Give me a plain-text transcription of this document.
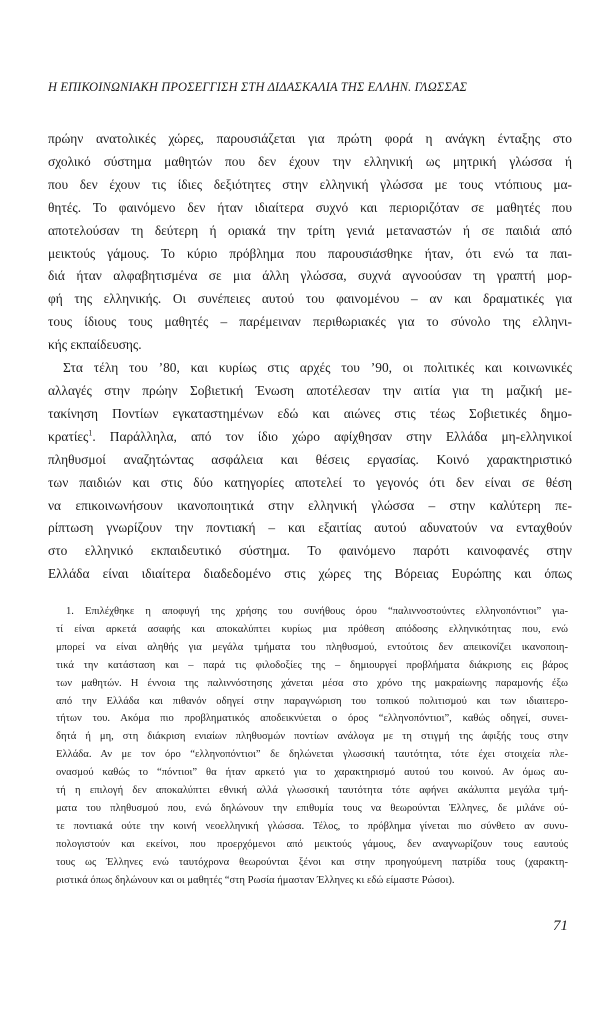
Η ΕΠΙΚΟΙΝΩΝΙΑΚΗ ΠΡΟΣΕΓΓΙΣΗ ΣΤΗ ΔΙΔΑΣΚΑΛΙΑ ΤΗΣ ΕΛΛΗΝ. ΓΛΩΣΣΑΣ
πρώην ανατολικές χώρες, παρουσιάζεται για πρώτη φορά η ανάγκη ένταξης στο
σχολικό σύστημα μαθητών που δεν έχουν την ελληνική ως μητρική γλώσσα ή
που δεν έχουν τις ίδιες δεξιότητες στην ελληνική γλώσσα με τους ντόπιους μα-
θητές. Το φαινόμενο δεν ήταν ιδιαίτερα συχνό και περιοριζόταν σε μαθητές που
αποτελούσαν τη δεύτερη ή οριακά την τρίτη γενιά μεταναστών ή σε παιδιά από
μεικτούς γάμους. Το κύριο πρόβλημα που παρουσιάσθηκε ήταν, ότι ενώ τα παι-
διά ήταν αλφαβητισμένα σε μια άλλη γλώσσα, συχνά αγνοούσαν τη γραπτή μορ-
φή της ελληνικής. Οι συνέπειες αυτού του φαινομένου – αν και δραματικές για
τους ίδιους τους μαθητές – παρέμειναν περιθωριακές για το σύνολο της ελληνι-
κής εκπαίδευσης.
Στα τέλη του ’80, και κυρίως στις αρχές του ’90, οι πολιτικές και κοινωνικές
αλλαγές στην πρώην Σοβιετική Ένωση αποτέλεσαν την αιτία για τη μαζική με-
τακίνηση Ποντίων εγκαταστημένων εδώ και αιώνες στις τέως Σοβιετικές δημο-
κρατίες$^1$. Παράλληλα, από τον ίδιο χώρο αφίχθησαν στην Ελλάδα μη-ελληνικοί
πληθυσμοί αναζητώντας ασφάλεια και θέσεις εργασίας. Κοινό χαρακτηριστικό
των παιδιών και στις δύο κατηγορίες αποτελεί το γεγονός ότι δεν είναι σε θέση
να επικοινωνήσουν ικανοποιητικά στην ελληνική γλώσσα – στην καλύτερη πε-
ρίπτωση γνωρίζουν την ποντιακή – και εξαιτίας αυτού αδυνατούν να ενταχθούν
στο ελληνικό εκπαιδευτικό σύστημα. Το φαινόμενο παρότι καινοφανές στην
Ελλάδα είναι ιδιαίτερα διαδεδομένο στις χώρες της Βόρειας Ευρώπης και όπως
1. Επιλέχθηκε η αποφυγή της χρήσης του συνήθους όρου “παλιννοστούντες ελληνοπόντιοι” γιa-
τί είναι αρκετά ασαφής και αποκαλύπτει κυρίως μια πρόθεση απόδοσης ελληνικότητας που, ενώ
μπορεί να είναι αληθής για μεγάλα τμήματα του πληθυσμού, εντούτοις δεν απεικονίζει ικανοποιη-
τικά την κατάσταση και – παρά τις φιλοδοξίες της – δημιουργεί προβλήματα διάκρισης εις βάρος
των μαθητών. Η έννοια της παλιννόστησης χάνεται μέσα στο χρόνο της μακραίωνης παραμονής έξω
από την Ελλάδα και πιθανόν οδηγεί στην παραγνώριση του τοπικού πολιτισμού και των ιδιαιτερο-
τήτων του. Ακόμα πιο προβληματικός αποδεικνύεται ο όρος “ελληνοπόντιοι”, καθώς οδηγεί, συνει-
δητά ή μη, στη διάκριση ενιαίων πληθυσμών ποντίων ανάλογα με τη στιγμή της άφιξής τους στην
Ελλάδα. Αν με τον όρο “ελληνοπόντιοι” δε δηλώνεται γλωσσική ταυτότητα, τότε έχει στοιχεία πλε-
ονασμού καθώς το “πόντιοι” θα ήταν αρκετό για το χαρακτηρισμό αυτού του κοινού. Αν όμως αυ-
τή η επιλογή δεν αποκαλύπτει εθνική αλλά γλωσσική ταυτότητα τότε αφήνει ακάλυπτα μεγάλα τμή-
ματα του πληθυσμού που, ενώ δηλώνουν την επιθυμία τους να θεωρούνται Έλληνες, δε μιλάνε ού-
τε ποντιακά ούτε την κοινή νεοελληνική γλώσσα. Τέλος, το πρόβλημα γίνεται πιο σύνθετο αν συνυ-
πολογιστούν και εκείνοι, που προερχόμενοι από μεικτούς γάμους, δεν αναγνωρίζουν τους εαυτούς
τους ως Έλληνες ενώ ταυτόχρονα θεωρούνται ξένοι και στην προηγούμενη πατρίδα τους (χαρακτη-
ριστικά όπως δηλώνουν και οι μαθητές “στη Ρωσία ήμασταν Έλληνες κι εδώ είμαστε Ρώσοι).
71
